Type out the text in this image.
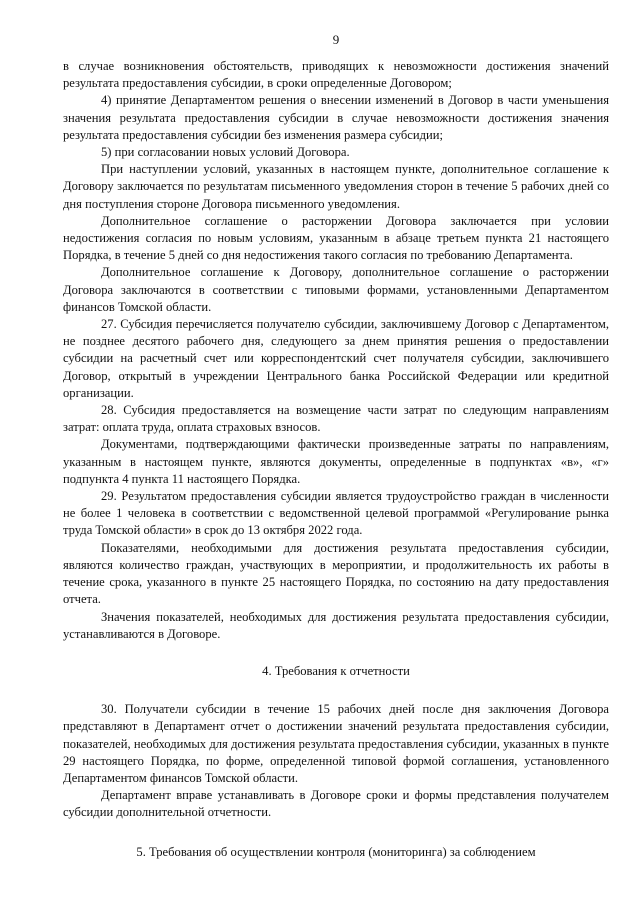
9

в случае возникновения обстоятельств, приводящих к невозможности достижения значений результата предоставления субсидии, в сроки определенные Договором;

4) принятие Департаментом решения о внесении изменений в Договор в части уменьшения значения результата предоставления субсидии в случае невозможности достижения значения результата предоставления субсидии без изменения размера субсидии;

5) при согласовании новых условий Договора.

При наступлении условий, указанных в настоящем пункте, дополнительное соглашение к Договору заключается по результатам письменного уведомления сторон в течение 5 рабочих дней со дня поступления стороне Договора письменного уведомления.

Дополнительное соглашение о расторжении Договора заключается при условии недостижения согласия по новым условиям, указанным в абзаце третьем пункта 21 настоящего Порядка, в течение 5 дней со дня недостижения такого согласия по требованию Департамента.

Дополнительное соглашение к Договору, дополнительное соглашение о расторжении Договора заключаются в соответствии с типовыми формами, установленными Департаментом финансов Томской области.

27. Субсидия перечисляется получателю субсидии, заключившему Договор с Департаментом, не позднее десятого рабочего дня, следующего за днем принятия решения о предоставлении субсидии на расчетный счет или корреспондентский счет получателя субсидии, заключившего Договор, открытый в учреждении Центрального банка Российской Федерации или кредитной организации.

28. Субсидия предоставляется на возмещение части затрат по следующим направлениям затрат: оплата труда, оплата страховых взносов.

Документами, подтверждающими фактически произведенные затраты по направлениям, указанным в настоящем пункте, являются документы, определенные в подпунктах «в», «г» подпункта 4 пункта 11 настоящего Порядка.

29. Результатом предоставления субсидии является трудоустройство граждан в численности не более 1 человека в соответствии с ведомственной целевой программой «Регулирование рынка труда Томской области» в срок до 13 октября 2022 года.

Показателями, необходимыми для достижения результата предоставления субсидии, являются количество граждан, участвующих в мероприятии, и продолжительность их работы в течение срока, указанного в пункте 25 настоящего Порядка, по состоянию на дату предоставления отчета.

Значения показателей, необходимых для достижения результата предоставления субсидии, устанавливаются в Договоре.

4. Требования к отчетности

30. Получатели субсидии в течение 15 рабочих дней после дня заключения Договора представляют в Департамент отчет о достижении значений результата предоставления субсидии, показателей, необходимых для достижения результата предоставления субсидии, указанных в пункте 29 настоящего Порядка, по форме, определенной типовой формой соглашения, установленного Департаментом финансов Томской области.

Департамент вправе устанавливать в Договоре сроки и формы представления получателем субсидии дополнительной отчетности.

5. Требования об осуществлении контроля (мониторинга) за соблюдением
